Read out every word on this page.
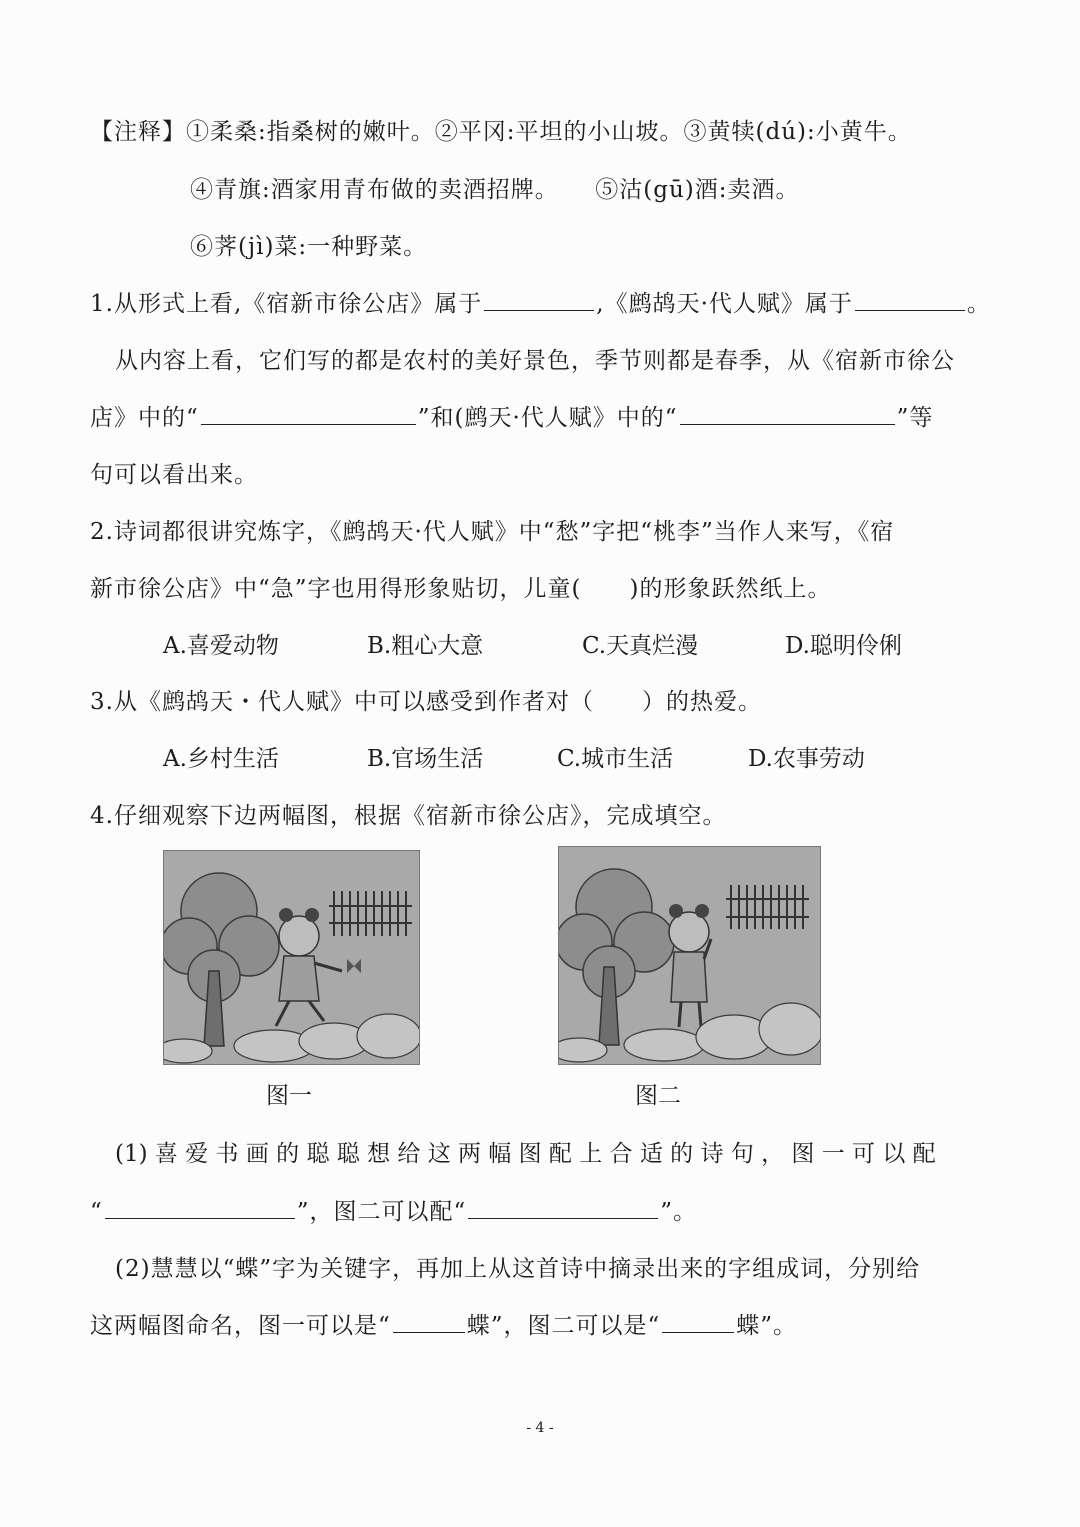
【注释】①柔桑:指桑树的嫩叶。②平冈:平坦的小山坡。③黄犊(dú):小黄牛。
④青旗:酒家用青布做的卖酒招牌。　　⑤沽(gū)酒:卖酒。
⑥荠(jì)菜:一种野菜。
1.从形式上看,《宿新市徐公店》属于	,《鹧鸪天·代人赋》属于	。
从内容上看，它们写的都是农村的美好景色，季节则都是春季，从《宿新市徐公
店》中的“	”和(鹧天·代人赋》中的“	”等
句可以看出来。
2.诗词都很讲究炼字，《鹧鸪天·代人赋》中“愁”字把“桃李”当作人来写，《宿
新市徐公店》中“急”字也用得形象贴切，儿童(　　)的形象跃然纸上。
A.喜爱动物	B.粗心大意	C.天真烂漫	D.聪明伶俐
3.从《鹧鸪天・代人赋》中可以感受到作者对（　　）的热爱。
A.乡村生活	B.官场生活	C.城市生活	D.农事劳动
4.仔细观察下边两幅图，根据《宿新市徐公店》，完成填空。
图一	图二
(1) 喜 爱 书 画 的 聪 聪 想 给 这 两 幅 图 配 上 合 适 的 诗 句 ， 图 一 可 以 配
“	”，图二可以配“	”。
(2)慧慧以“蝶”字为关键字，再加上从这首诗中摘录出来的字组成词，分别给
这两幅图命名，图一可以是“	蝶”，图二可以是“	蝶”。
- 4 -
